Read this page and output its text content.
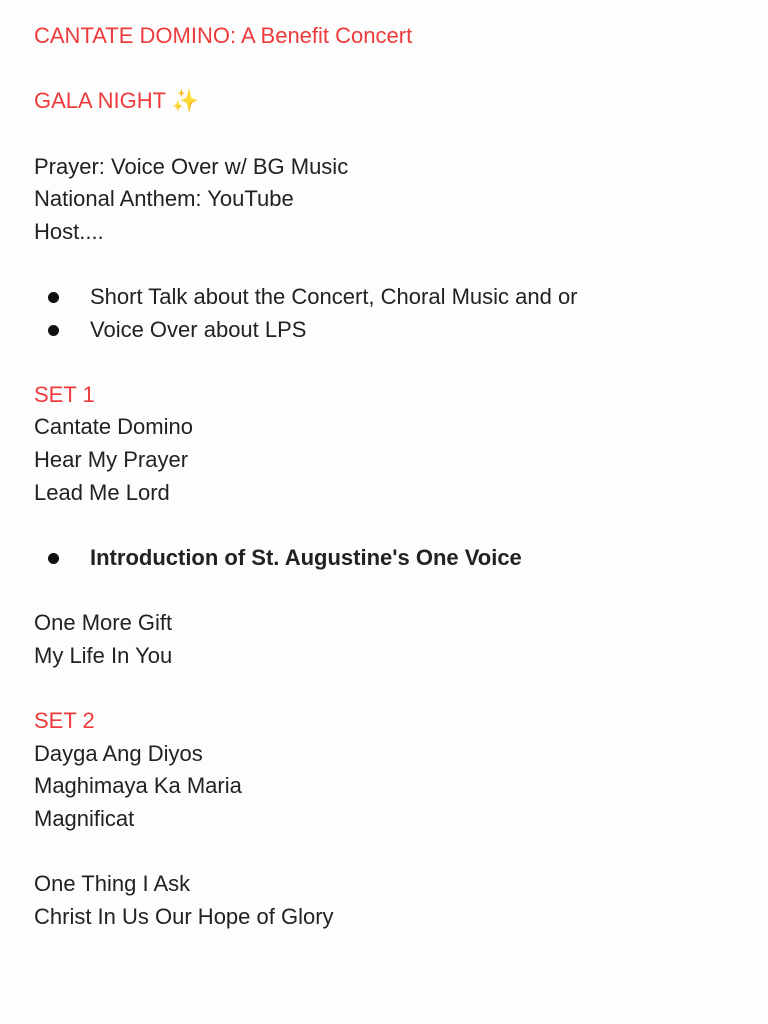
CANTATE DOMINO: A Benefit Concert
GALA NIGHT ✨
Prayer: Voice Over w/ BG Music
National Anthem: YouTube
Host....
Short Talk about the Concert, Choral Music and or
Voice Over about LPS
SET 1
Cantate Domino
Hear My Prayer
Lead Me Lord
Introduction of St. Augustine's One Voice
One More Gift
My Life In You
SET 2
Dayga Ang Diyos
Maghimaya Ka Maria
Magnificat
One Thing I Ask
Christ In Us Our Hope of Glory
